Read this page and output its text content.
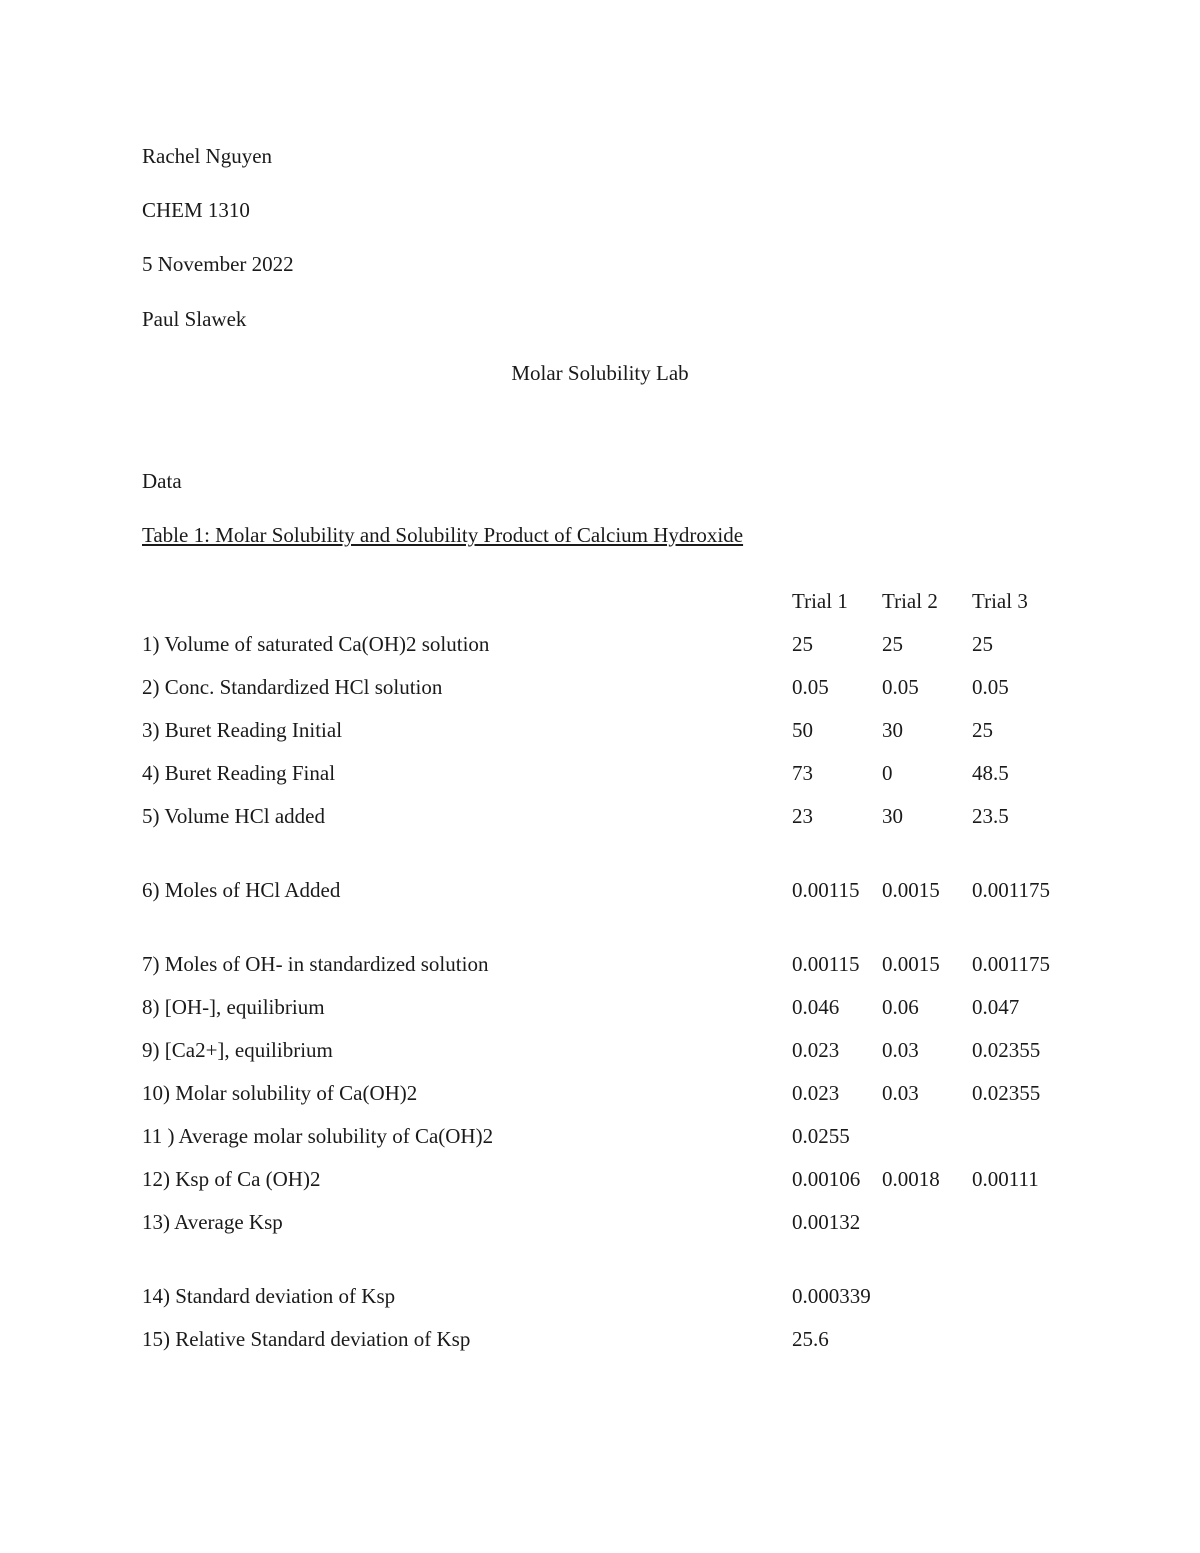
Rachel Nguyen
CHEM 1310
5 November 2022
Paul Slawek
Molar Solubility Lab
Data
Table 1: Molar Solubility and Solubility Product of Calcium Hydroxide
	Trial 1	Trial 2	Trial 3
1) Volume of saturated Ca(OH)2 solution	25	25	25
2) Conc. Standardized HCl solution	0.05	0.05	0.05
3) Buret Reading Initial	50	30	25
4) Buret Reading Final	73	0	48.5
5) Volume HCl added	23	30	23.5
6) Moles of HCl Added	0.00115	0.0015	0.001175

7) Moles of OH- in standardized solution	0.00115	0.0015	0.001175

8) [OH-], equilibrium	0.046	0.06	0.047
9) [Ca2+], equilibrium	0.023	0.03	0.02355
10) Molar solubility of Ca(OH)2	0.023	0.03	0.02355
11 ) Average molar solubility of Ca(OH)2	0.0255		
12) Ksp of Ca (OH)2	0.00106	0.0018	0.00111
13) Average Ksp	0.00132		
14) Standard deviation of Ksp	0.000339		

15) Relative Standard deviation of Ksp	25.6		
